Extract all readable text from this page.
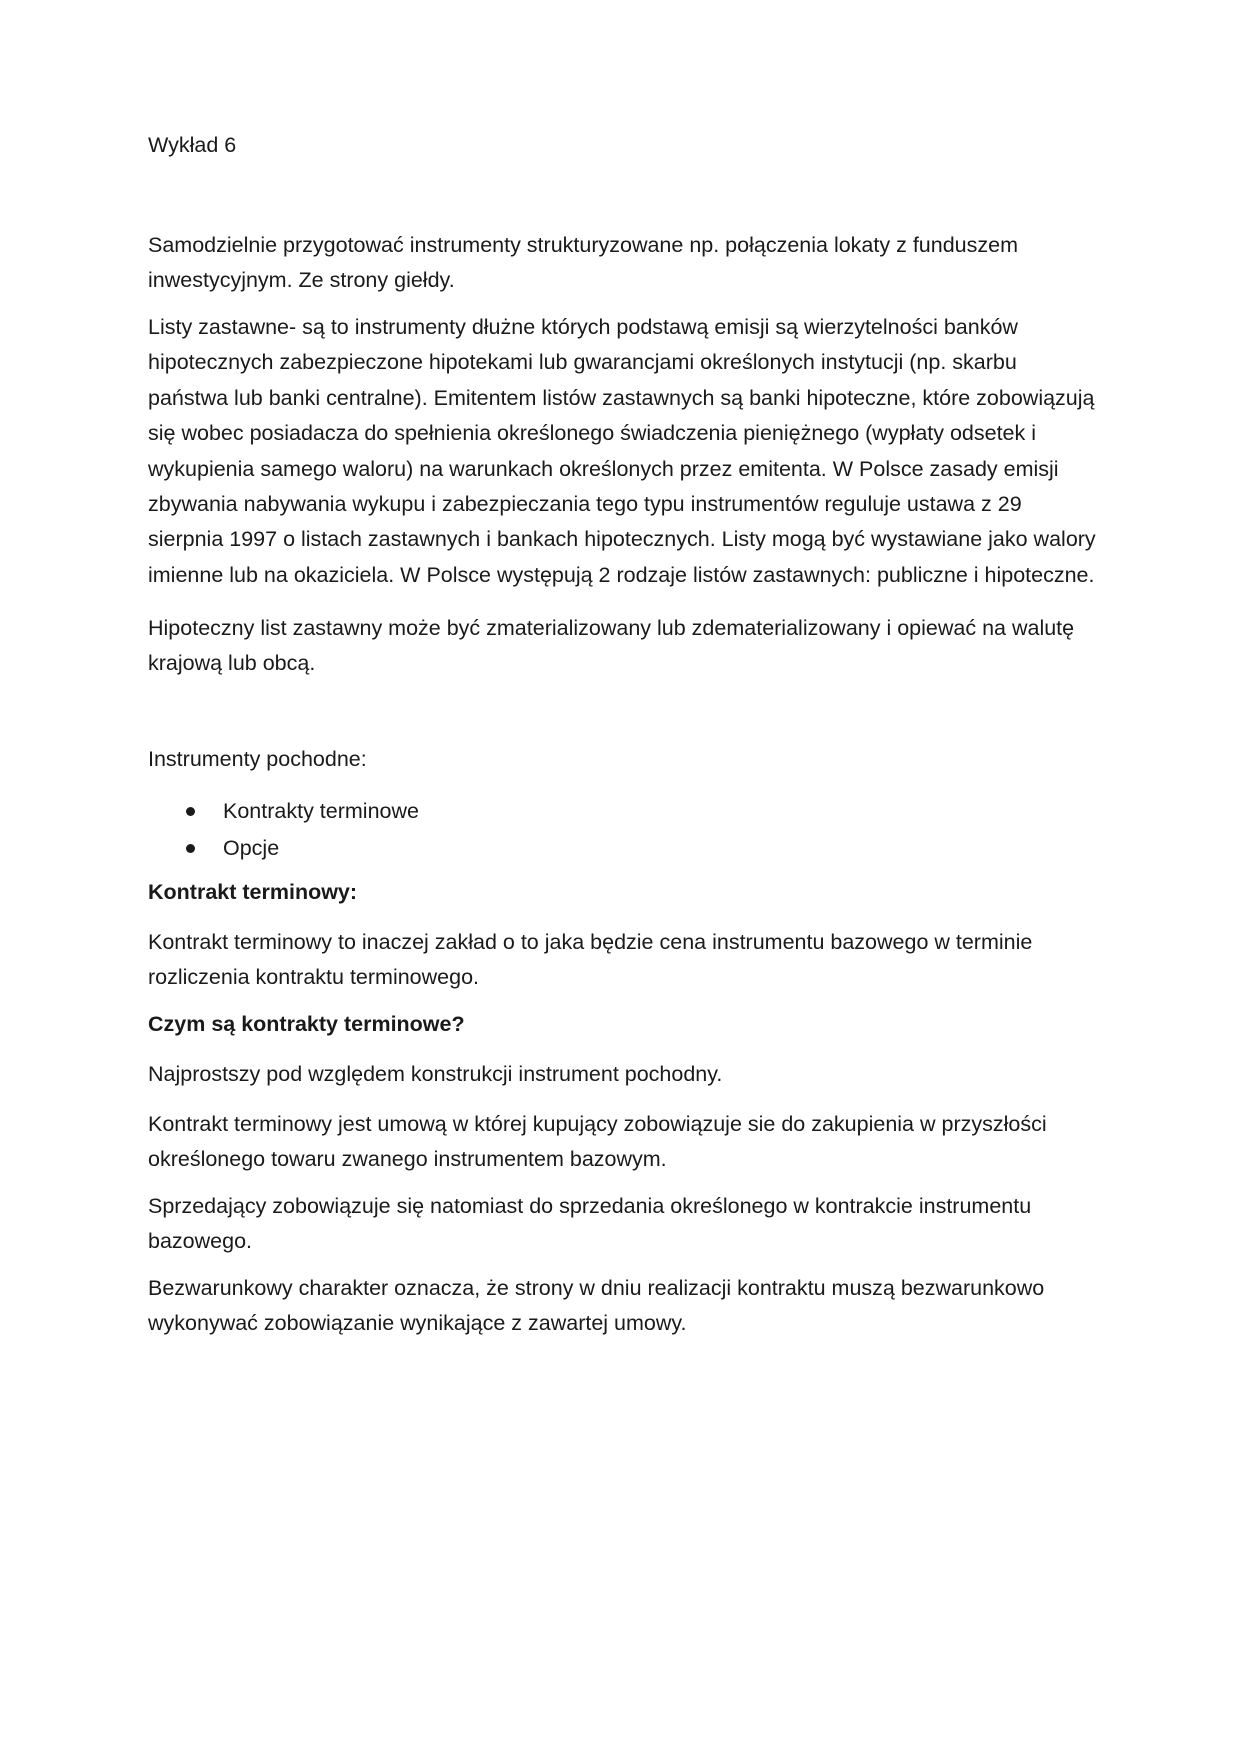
Wykład 6

Samodzielnie przygotować instrumenty strukturyzowane np. połączenia lokaty z funduszem inwestycyjnym. Ze strony giełdy.

Listy zastawne- są to instrumenty dłużne których podstawą emisji są wierzytelności banków hipotecznych zabezpieczone hipotekami lub gwarancjami określonych instytucji (np. skarbu państwa lub banki centralne). Emitentem listów zastawnych są banki hipoteczne, które zobowiązują się wobec posiadacza do spełnienia określonego świadczenia pieniężnego (wypłaty odsetek i wykupienia samego waloru) na warunkach określonych przez emitenta. W Polsce zasady emisji zbywania nabywania wykupu i zabezpieczania tego typu instrumentów reguluje ustawa z 29 sierpnia 1997 o listach zastawnych i bankach hipotecznych. Listy mogą być wystawiane jako walory imienne lub na okaziciela. W Polsce występują 2 rodzaje listów zastawnych: publiczne i hipoteczne.

Hipoteczny list zastawny może być zmaterializowany lub zdematerializowany i opiewać na walutę krajową lub obcą.

Instrumenty pochodne:

Kontrakty terminowe
Opcje

Kontrakt terminowy:

Kontrakt terminowy to inaczej zakład o to jaka będzie cena instrumentu bazowego w terminie rozliczenia kontraktu terminowego.

Czym są kontrakty terminowe?

Najprostszy pod względem konstrukcji instrument pochodny.

Kontrakt terminowy jest umową w której kupujący zobowiązuje sie do zakupienia w przyszłości określonego towaru zwanego instrumentem bazowym.

Sprzedający zobowiązuje się natomiast do sprzedania określonego w kontrakcie instrumentu bazowego.

Bezwarunkowy charakter oznacza, że strony w dniu realizacji kontraktu muszą bezwarunkowo wykonywać zobowiązanie wynikające z zawartej umowy.
